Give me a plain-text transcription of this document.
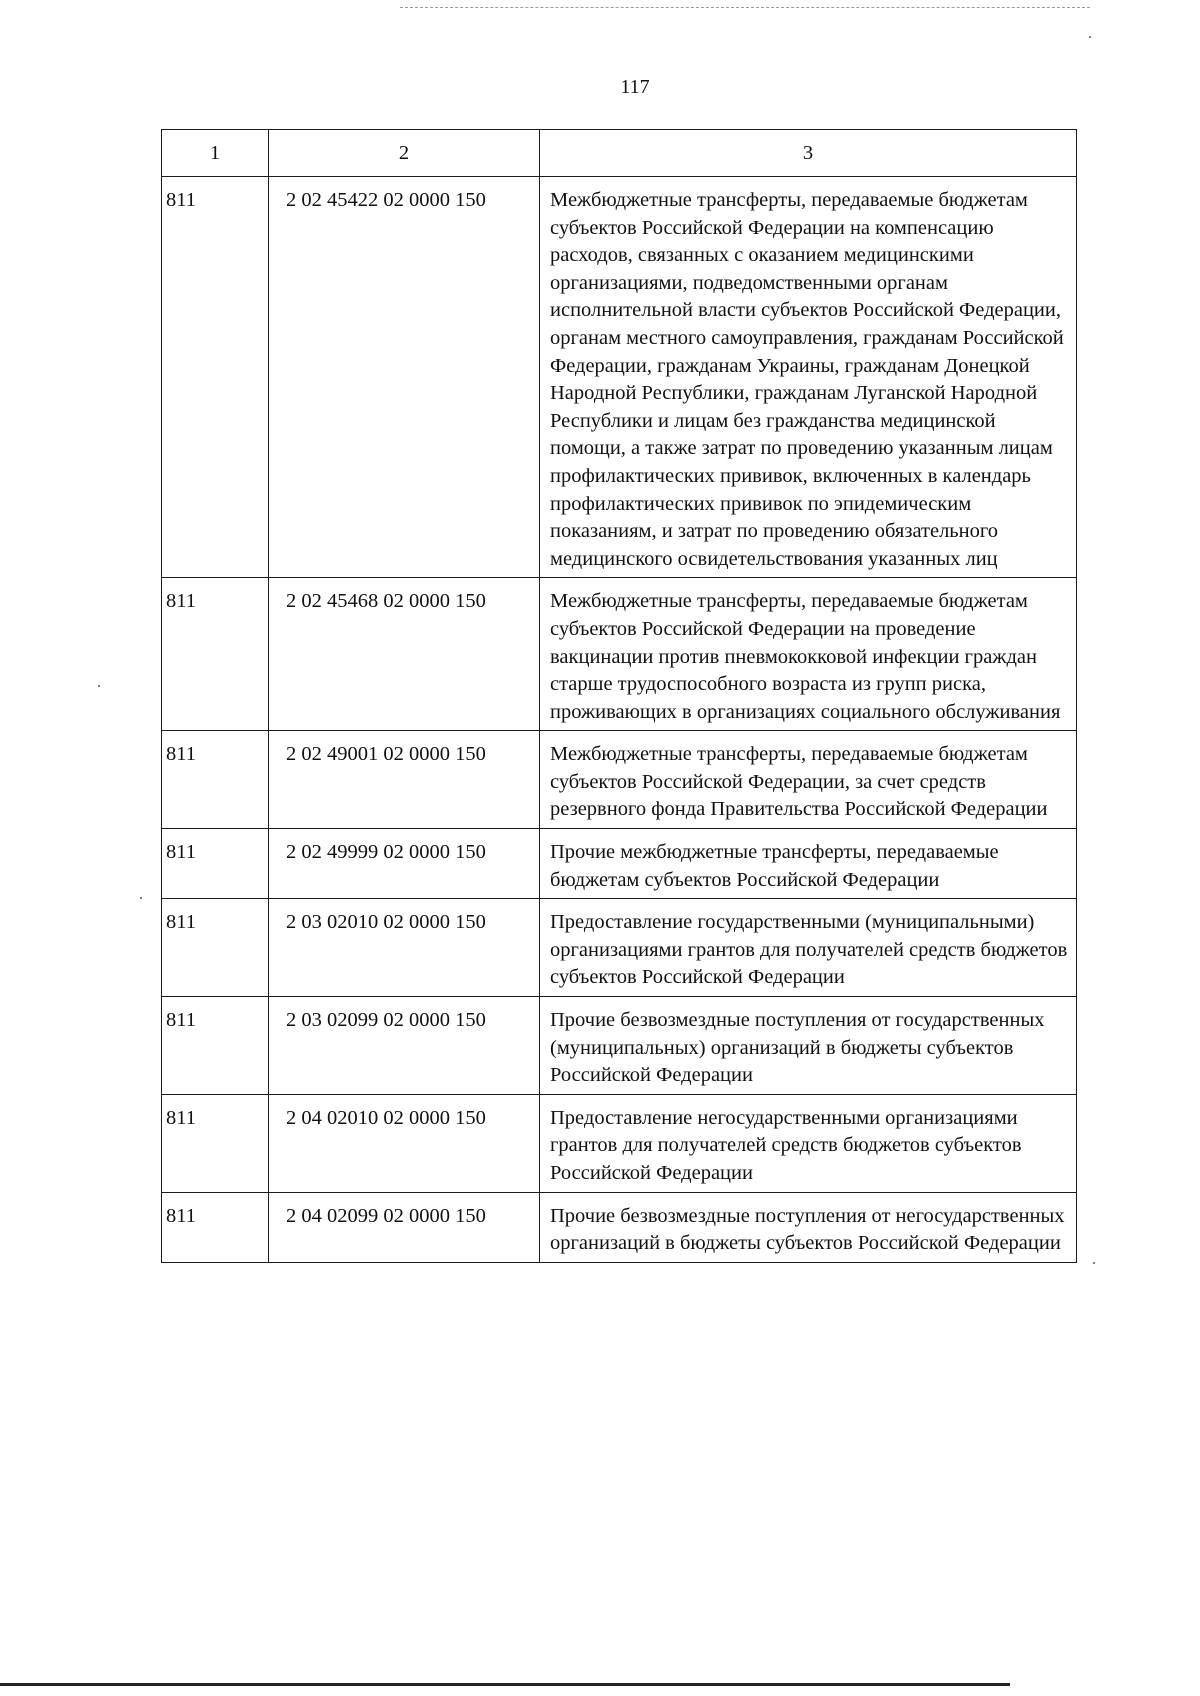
117
1	2	3
811	2 02 45422 02 0000 150	Межбюджетные трансферты, передаваемые бюджетам субъектов Российской Федерации на компенсацию расходов, связанных с оказанием медицинскими организациями, подведомственными органам исполнительной власти субъектов Российской Федерации, органам местного самоуправления, гражданам Российской Федерации, гражданам Украины, гражданам Донецкой Народной Республики, гражданам Луганской Народной Республики и лицам без гражданства медицинской помощи, а также затрат по проведению указанным лицам профилактических прививок, включенных в календарь профилактических прививок по эпидемическим показаниям, и затрат по проведению обязательного медицинского освидетельствования указанных лиц
811	2 02 45468 02 0000 150	Межбюджетные трансферты, передаваемые бюджетам субъектов Российской Федерации на проведение вакцинации против пневмококковой инфекции граждан старше трудоспособного возраста из групп риска, проживающих в организациях социального обслуживания
811	2 02 49001 02 0000 150	Межбюджетные трансферты, передаваемые бюджетам субъектов Российской Федерации, за счет средств резервного фонда Правительства Российской Федерации
811	2 02 49999 02 0000 150	Прочие межбюджетные трансферты, передаваемые бюджетам субъектов Российской Федерации
811	2 03 02010 02 0000 150	Предоставление государственными (муниципальными) организациями грантов для получателей средств бюджетов субъектов Российской Федерации
811	2 03 02099 02 0000 150	Прочие безвозмездные поступления от государственных (муниципальных) организаций в бюджеты субъектов Российской Федерации
811	2 04 02010 02 0000 150	Предоставление негосударственными организациями грантов для получателей средств бюджетов субъектов Российской Федерации
811	2 04 02099 02 0000 150	Прочие безвозмездные поступления от негосударственных организаций в бюджеты субъектов Российской Федерации
